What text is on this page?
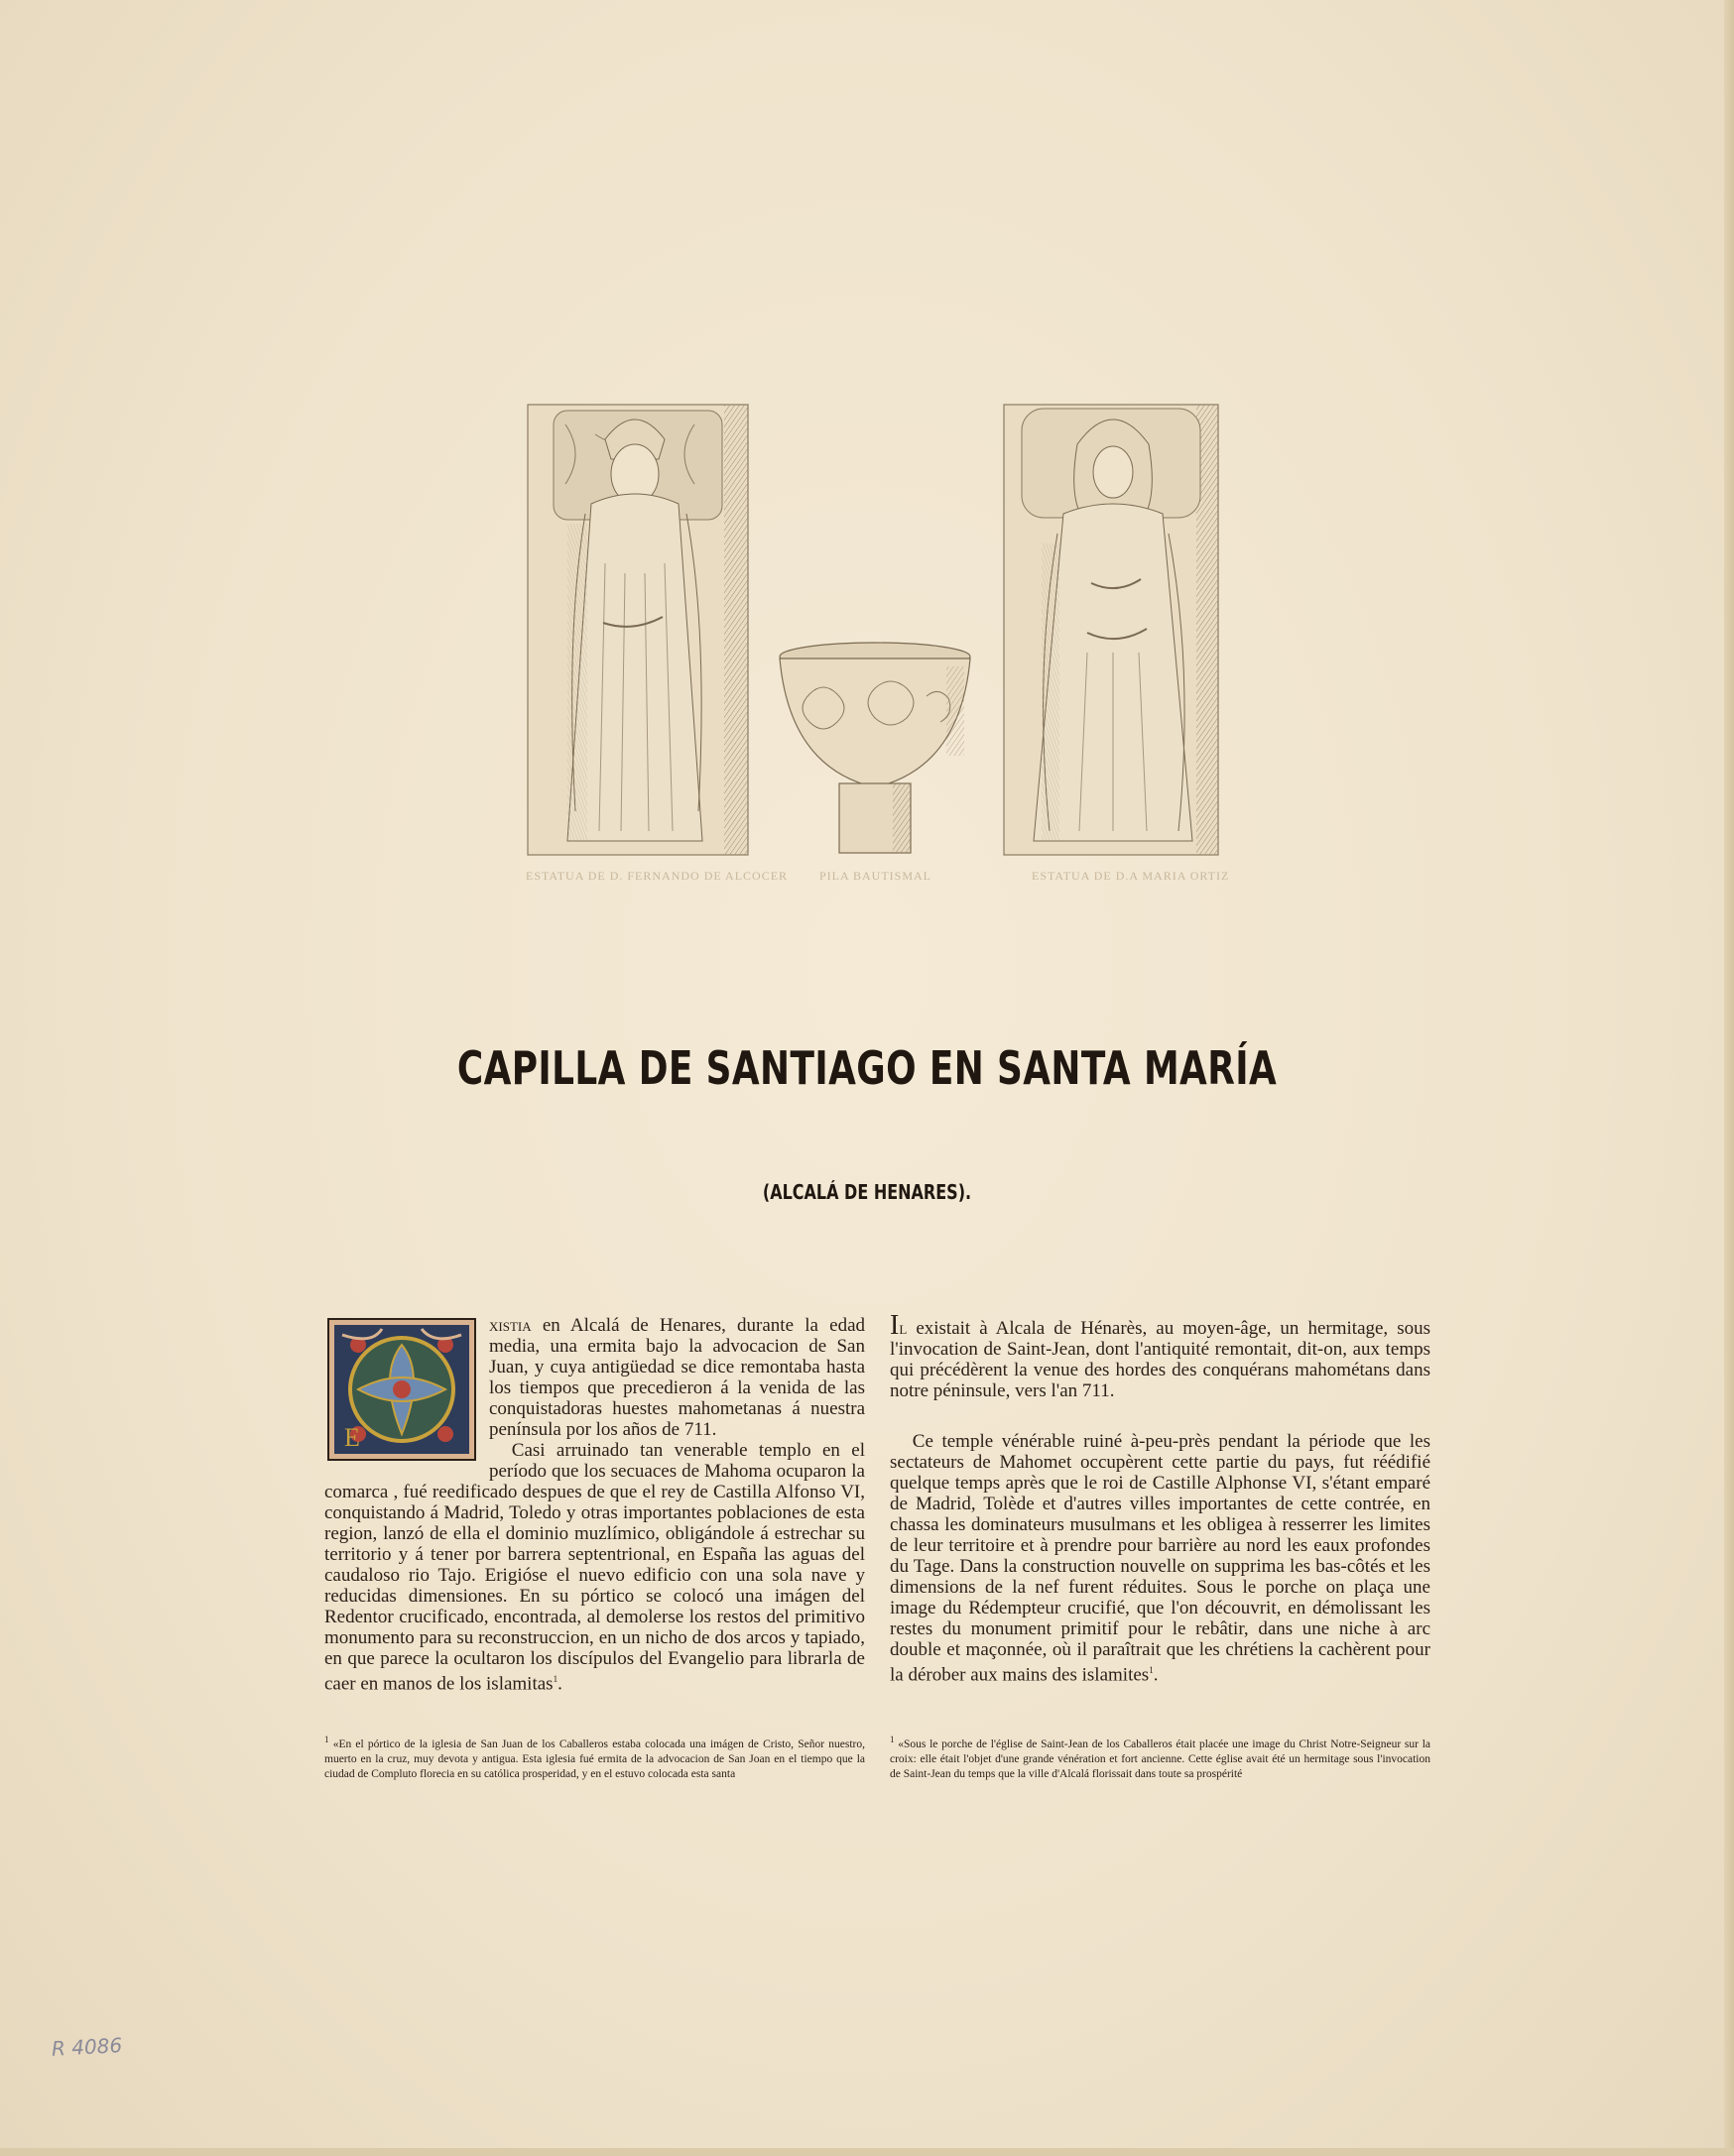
ESTATUA DE D. FERNANDO DE ALCOCER	PILA BAUTISMAL	ESTATUA DE D.A MARIA ORTIZ
CAPILLA DE SANTIAGO EN SANTA MARÍA
(ALCALÁ DE HENARES).
E

xistia en Alcalá de Henares, durante la edad media, una ermita bajo la advocacion de San Juan, y cuya antigüedad se dice remontaba hasta los tiempos que precedieron á la venida de las conquistadoras huestes mahometanas á nuestra península por los años de 711.

Casi arruinado tan venerable templo en el período que los secuaces de Mahoma ocuparon la comarca , fué reedificado despues de que el rey de Castilla Alfonso VI, conquistando á Madrid, Toledo y otras importantes poblaciones de esta region, lanzó de ella el dominio muzlímico, obligándole á estrechar su territorio y á tener por barrera septentrional, en España las aguas del caudaloso rio Tajo. Erigióse el nuevo edificio con una sola nave y reducidas dimensiones. En su pórtico se colocó una imágen del Redentor crucificado, encontrada, al demolerse los restos del primitivo monumento para su reconstruccion, en un nicho de dos arcos y tapiado, en que parece la ocultaron los discípulos del Evangelio para librarla de caer en manos de los islamitas$^1$.

Il existait à Alcala de Hénarès, au moyen-âge, un hermitage, sous l'invocation de Saint-Jean, dont l'antiquité remontait, dit-on, aux temps qui précédèrent la venue des hordes des conquérans mahométans dans notre péninsule, vers l'an 711.

Ce temple vénérable ruiné à-peu-près pendant la période que les sectateurs de Mahomet occupèrent cette partie du pays, fut réédifié quelque temps après que le roi de Castille Alphonse VI, s'étant emparé de Madrid, Tolède et d'autres villes importantes de cette contrée, en chassa les dominateurs musulmans et les obligea à resserrer les limites de leur territoire et à prendre pour barrière au nord les eaux profondes du Tage. Dans la construction nouvelle on supprima les bas-côtés et les dimensions de la nef furent réduites. Sous le porche on plaça une image du Rédempteur crucifié, que l'on découvrit, en démolissant les restes du monument primitif pour le rebâtir, dans une niche à arc double et maçonnée, où il paraîtrait que les chrétiens la cachèrent pour la dérober aux mains des islamites$^1$.

$^1$ «En el pórtico de la iglesia de San Juan de los Caballeros estaba colocada una imágen de Cristo, Señor nuestro, muerto en la cruz, muy devota y antigua. Esta iglesia fué ermita de la advocacion de San Joan en el tiempo que la ciudad de Compluto florecia en su católica prosperidad, y en el estuvo colocada esta santa
$^1$ «Sous le porche de l'église de Saint-Jean de los Caballeros était placée une image du Christ Notre-Seigneur sur la croix: elle était l'objet d'une grande vénération et fort ancienne. Cette église avait été un hermitage sous l'invocation de Saint-Jean du temps que la ville d'Alcalá florissait dans toute sa prospérité
R 4086
